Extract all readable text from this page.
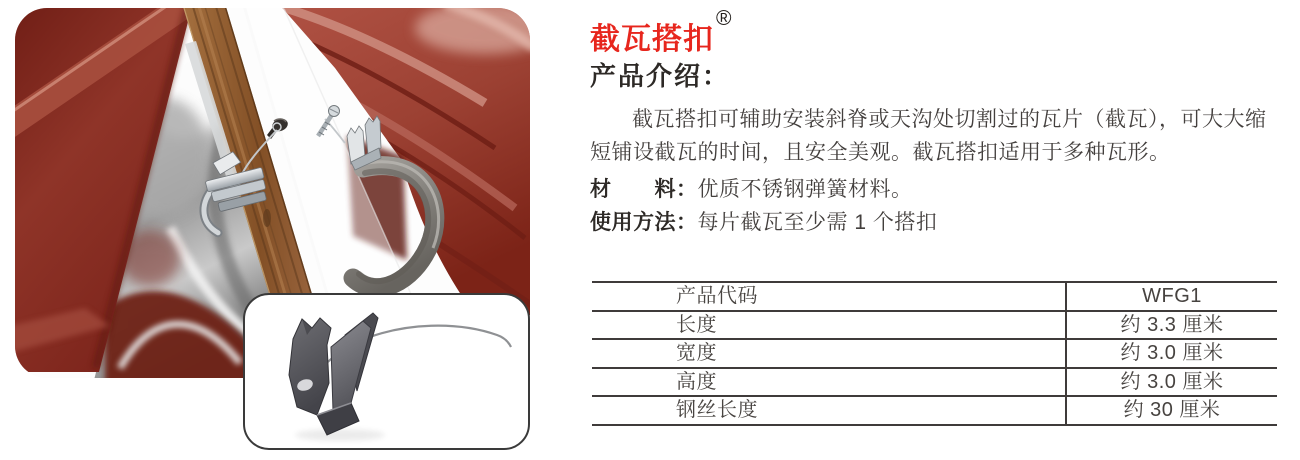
截瓦搭扣®
产品介绍：

截瓦搭扣可辅助安装斜脊或天沟处切割过的瓦片（截瓦），可大大缩

短铺设截瓦的时间，且安全美观。截瓦搭扣适用于多种瓦形。

材　　料：优质不锈钢弹簧材料。

使用方法：每片截瓦至少需 1 个搭扣

产品代码	WFG1
长度	约 3.3 厘米
宽度	约 3.0 厘米
高度	约 3.0 厘米
钢丝长度	约 30 厘米
